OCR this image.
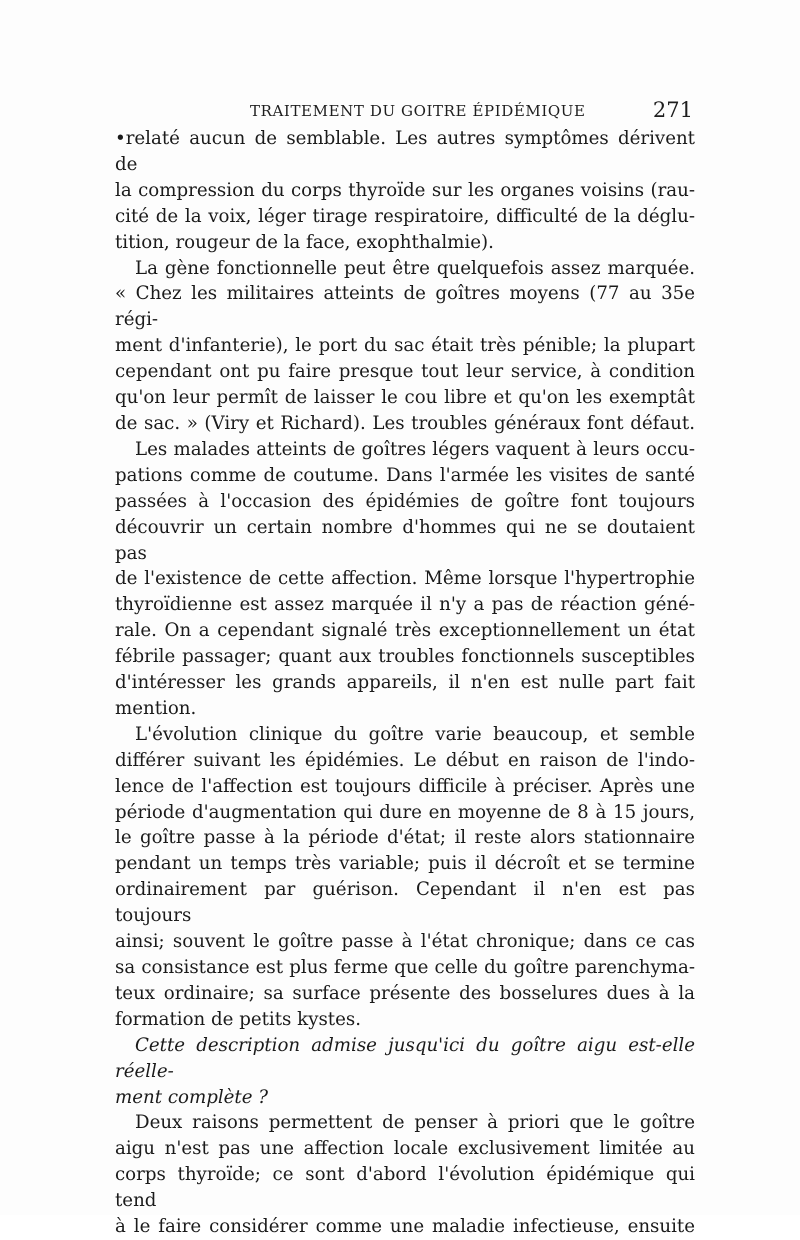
TRAITEMENT DU GOITRE ÉPIDÉMIQUE	271

•relaté aucun de semblable. Les autres symptômes dérivent de

la compression du corps thyroïde sur les organes voisins (rau-

cité de la voix, léger tirage respiratoire, difficulté de la déglu-

tition, rougeur de la face, exophthalmie).

La gène fonctionnelle peut être quelquefois assez marquée.

« Chez les militaires atteints de goîtres moyens (77 au 35e régi-

ment d'infanterie), le port du sac était très pénible; la plupart

cependant ont pu faire presque tout leur service, à condition

qu'on leur permît de laisser le cou libre et qu'on les exemptât

de sac. » (Viry et Richard). Les troubles généraux font défaut.

Les malades atteints de goîtres légers vaquent à leurs occu-

pations comme de coutume. Dans l'armée les visites de santé

passées à l'occasion des épidémies de goître font toujours

découvrir un certain nombre d'hommes qui ne se doutaient pas

de l'existence de cette affection. Même lorsque l'hypertrophie

thyroïdienne est assez marquée il n'y a pas de réaction géné-

rale. On a cependant signalé très exceptionnellement un état

fébrile passager; quant aux troubles fonctionnels susceptibles

d'intéresser les grands appareils, il n'en est nulle part fait

mention.

L'évolution clinique du goître varie beaucoup, et semble

différer suivant les épidémies. Le début en raison de l'indo-

lence de l'affection est toujours difficile à préciser. Après une

période d'augmentation qui dure en moyenne de 8 à 15 jours,

le goître passe à la période d'état; il reste alors stationnaire

pendant un temps très variable; puis il décroît et se termine

ordinairement par guérison. Cependant il n'en est pas toujours

ainsi; souvent le goître passe à l'état chronique; dans ce cas

sa consistance est plus ferme que celle du goître parenchyma-

teux ordinaire; sa surface présente des bosselures dues à la

formation de petits kystes.

Cette description admise jusqu'ici du goître aigu est-elle réelle-

ment complète ?

Deux raisons permettent de penser à priori que le goître

aigu n'est pas une affection locale exclusivement limitée au

corps thyroïde; ce sont d'abord l'évolution épidémique qui tend

à le faire considérer comme une maladie infectieuse, ensuite
